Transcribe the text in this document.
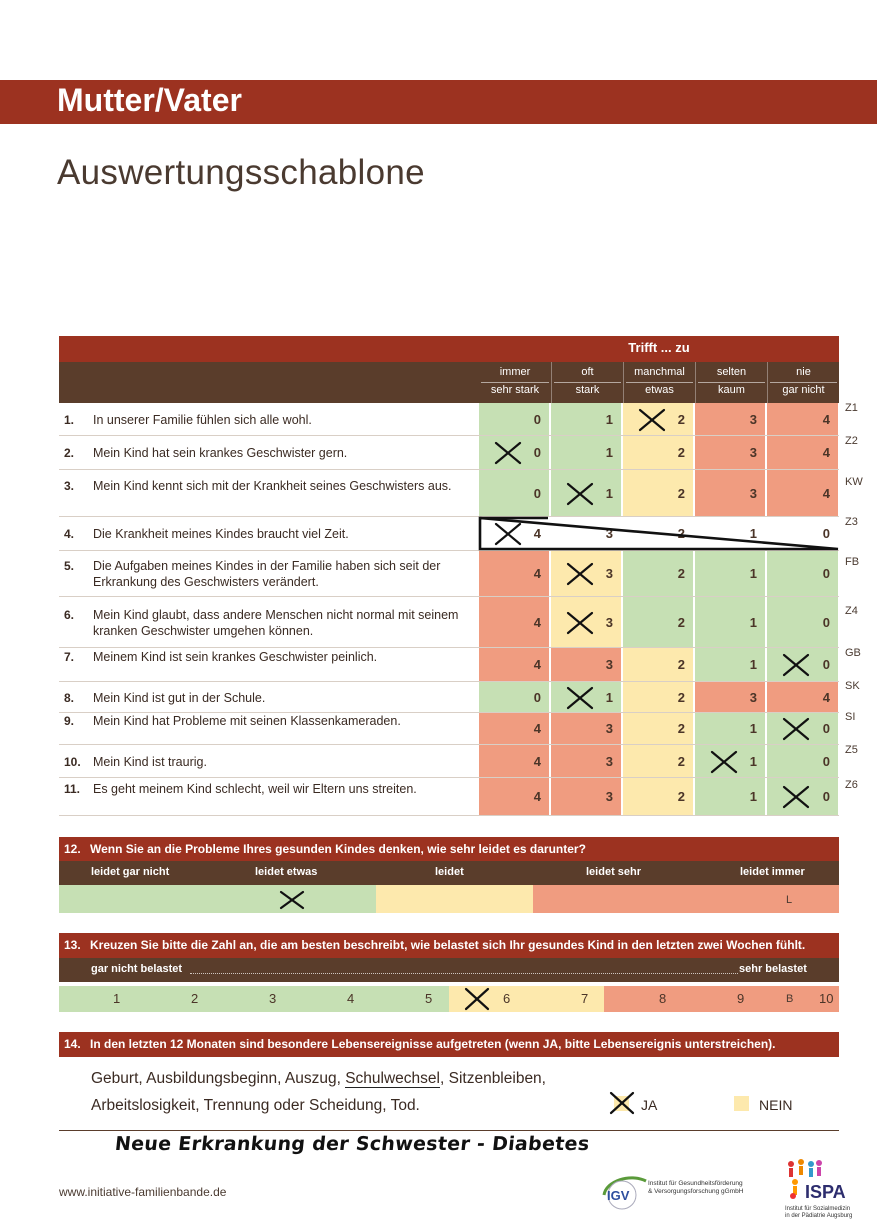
Mutter/Vater
Auswertungsschablone
Trifft ... zu
immer
sehr stark
oft
stark
manchmal
etwas
selten
kaum
nie
gar nicht
1. In unserer Familie fühlen sich alle wohl.	0	1	2	3	4
Z1
2. Mein Kind hat sein krankes Geschwister gern.	0	1	2	3	4
Z2
3. Mein Kind kennt sich mit der Krankheit seines Geschwisters aus.	0	1	2	3	4
KW
4. Die Krankheit meines Kindes braucht viel Zeit.	4	3	2	1	0
Z3
5. Die Aufgaben meines Kindes in der Familie haben sich seit der Erkrankung des Geschwisters verändert.
4	3	2	1	0
FB
6. Mein Kind glaubt, dass andere Menschen nicht normal mit seinem kranken Geschwister umgehen können.
4	3	2	1	0
Z4
7. Meinem Kind ist sein krankes Geschwister peinlich.	4	3	2	1	0
GB
8. Mein Kind ist gut in der Schule.	0	1	2	3	4
SK
9. Mein Kind hat Probleme mit seinen Klassenkameraden.	4	3	2	1	0
SI
10. Mein Kind ist traurig.	4	3	2	1	0
Z5
11. Es geht meinem Kind schlecht, weil wir Eltern uns streiten.	4	3	2	1	0
Z6
12. Wenn Sie an die Probleme Ihres gesunden Kindes denken, wie sehr leidet es darunter?
leidet gar nicht	leidet etwas	leidet	leidet sehr	leidet immer
L
13. Kreuzen Sie bitte die Zahl an, die am besten beschreibt, wie belastet sich Ihr gesundes Kind in den letzten zwei Wochen fühlt.
gar nicht belastet	sehr belastet
1	2	3	4	5	6	7	8	9	10
B
14. In den letzten 12 Monaten sind besondere Lebensereignisse aufgetreten (wenn JA, bitte Lebensereignis unterstreichen).
Geburt, Ausbildungsbeginn, Auszug, Schulwechsel, Sitzenbleiben,
Arbeitslosigkeit, Trennung oder Scheidung, Tod.	JA	NEIN
Neue Erkrankung der Schwester - Diabetes
www.initiative-familienbande.de	IGV
Institut für Gesundheitsförderung
& Versorgungsforschung gGmbH	ISPA
Institut für Sozialmedizin
in der Pädiatrie Augsburg
